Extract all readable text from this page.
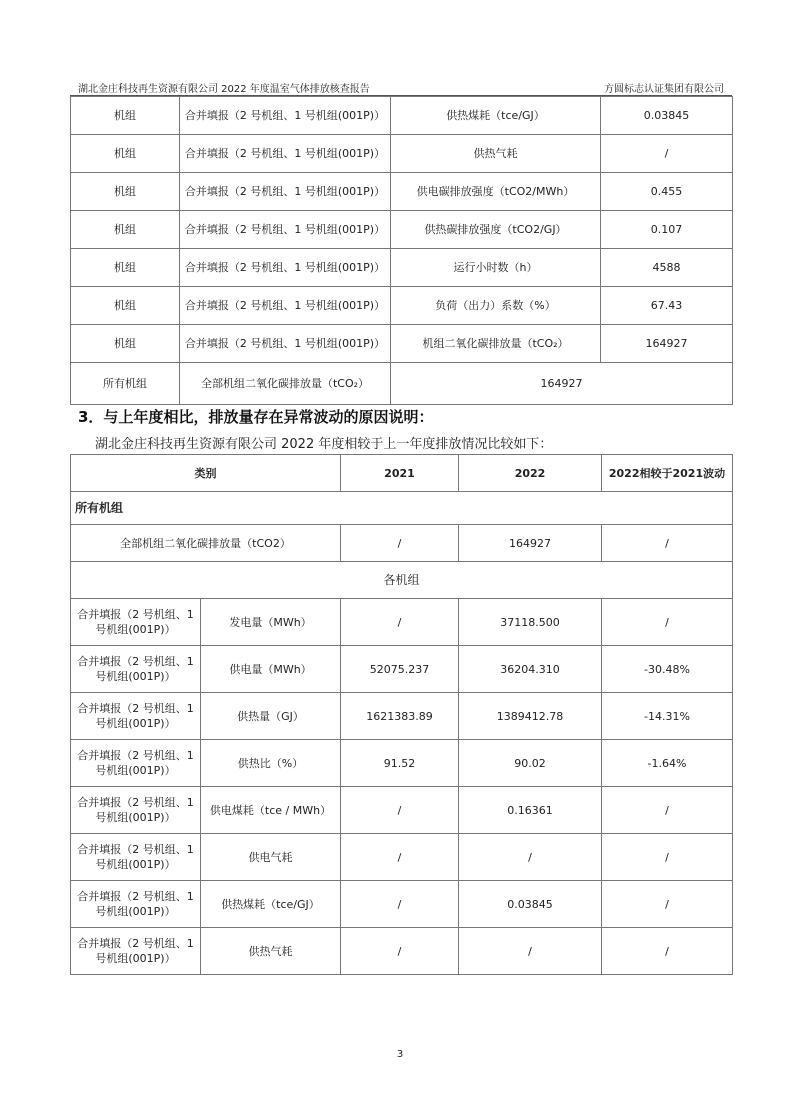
湖北金庄科技再生资源有限公司 2022 年度温室气体排放核查报告	方圆标志认证集团有限公司
机组	合并填报（2 号机组、1 号机组(001P)）	供热煤耗（tce/GJ）	0.03845
机组	合并填报（2 号机组、1 号机组(001P)）	供热气耗	/
机组	合并填报（2 号机组、1 号机组(001P)）	供电碳排放强度（tCO2/MWh）	0.455
机组	合并填报（2 号机组、1 号机组(001P)）	供热碳排放强度（tCO2/GJ）	0.107
机组	合并填报（2 号机组、1 号机组(001P)）	运行小时数（h）	4588
机组	合并填报（2 号机组、1 号机组(001P)）	负荷（出力）系数（%）	67.43
机组	合并填报（2 号机组、1 号机组(001P)）	机组二氧化碳排放量（tCO₂）	164927
所有机组	全部机组二氧化碳排放量（tCO₂）	164927	
3．与上年度相比，排放量存在异常波动的原因说明：
湖北金庄科技再生资源有限公司 2022 年度相较于上一年度排放情况比较如下：
类别		2021	2022	2022相较于2021波动
所有机组				
全部机组二氧化碳排放量（tCO2）		/	164927	/
各机组				
合并填报（2 号机组、1 号机组(001P)）	发电量（MWh）	/	37118.500	/
合并填报（2 号机组、1 号机组(001P)）	供电量（MWh）	52075.237	36204.310	-30.48%
合并填报（2 号机组、1 号机组(001P)）	供热量（GJ）	1621383.89	1389412.78	-14.31%
合并填报（2 号机组、1 号机组(001P)）	供热比（%）	91.52	90.02	-1.64%
合并填报（2 号机组、1 号机组(001P)）	供电煤耗（tce / MWh）	/	0.16361	/
合并填报（2 号机组、1 号机组(001P)）	供电气耗	/	/	/
合并填报（2 号机组、1 号机组(001P)）	供热煤耗（tce/GJ）	/	0.03845	/
合并填报（2 号机组、1 号机组(001P)）	供热气耗	/	/	/
3
